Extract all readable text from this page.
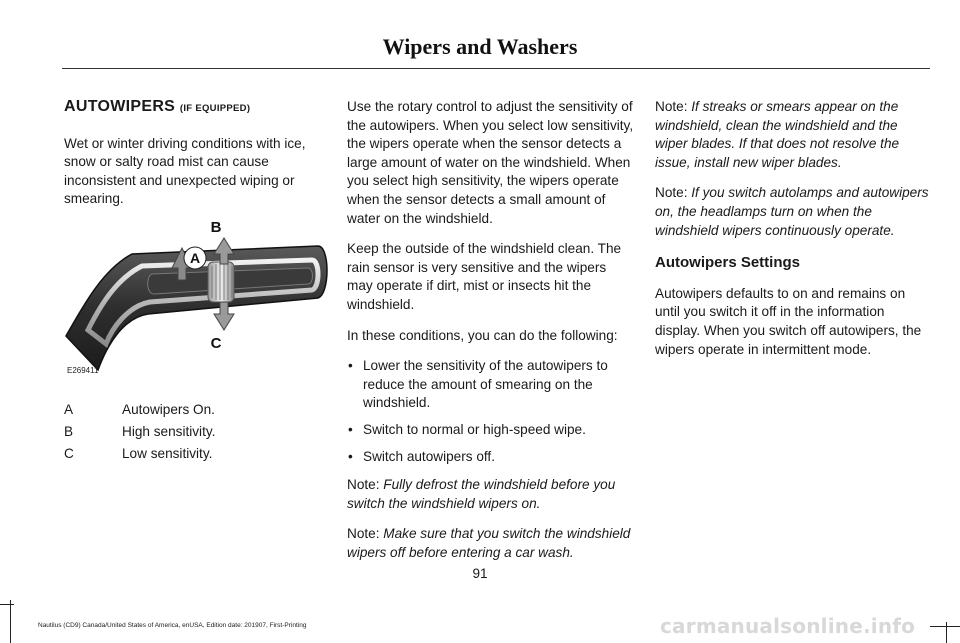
Wipers and Washers

AUTOWIPERS (IF EQUIPPED)

Wet or winter driving conditions with ice, snow or salty road mist can cause inconsistent and unexpected wiping or smearing.

A
B
C
E269411
A	Autowipers On.
B	High sensitivity.
C	Low sensitivity.

Use the rotary control to adjust the sensitivity of the autowipers. When you select low sensitivity, the wipers operate when the sensor detects a large amount of water on the windshield. When you select high sensitivity, the wipers operate when the sensor detects a small amount of water on the windshield.

Keep the outside of the windshield clean. The rain sensor is very sensitive and the wipers may operate if dirt, mist or insects hit the windshield.

In these conditions, you can do the following:

• Lower the sensitivity of the autowipers to reduce the amount of smearing on the windshield.
• Switch to normal or high-speed wipe.
• Switch autowipers off.

Note: Fully defrost the windshield before you switch the windshield wipers on.

Note: Make sure that you switch the windshield wipers off before entering a car wash.

Note: If streaks or smears appear on the windshield, clean the windshield and the wiper blades. If that does not resolve the issue, install new wiper blades.

Note: If you switch autolamps and autowipers on, the headlamps turn on when the windshield wipers continuously operate.

Autowipers Settings

Autowipers defaults to on and remains on until you switch it off in the information display. When you switch off autowipers, the wipers operate in intermittent mode.

91
Nautilus (CD9) Canada/United States of America, enUSA, Edition date: 201907, First-Printing	carmanualsonline.info
